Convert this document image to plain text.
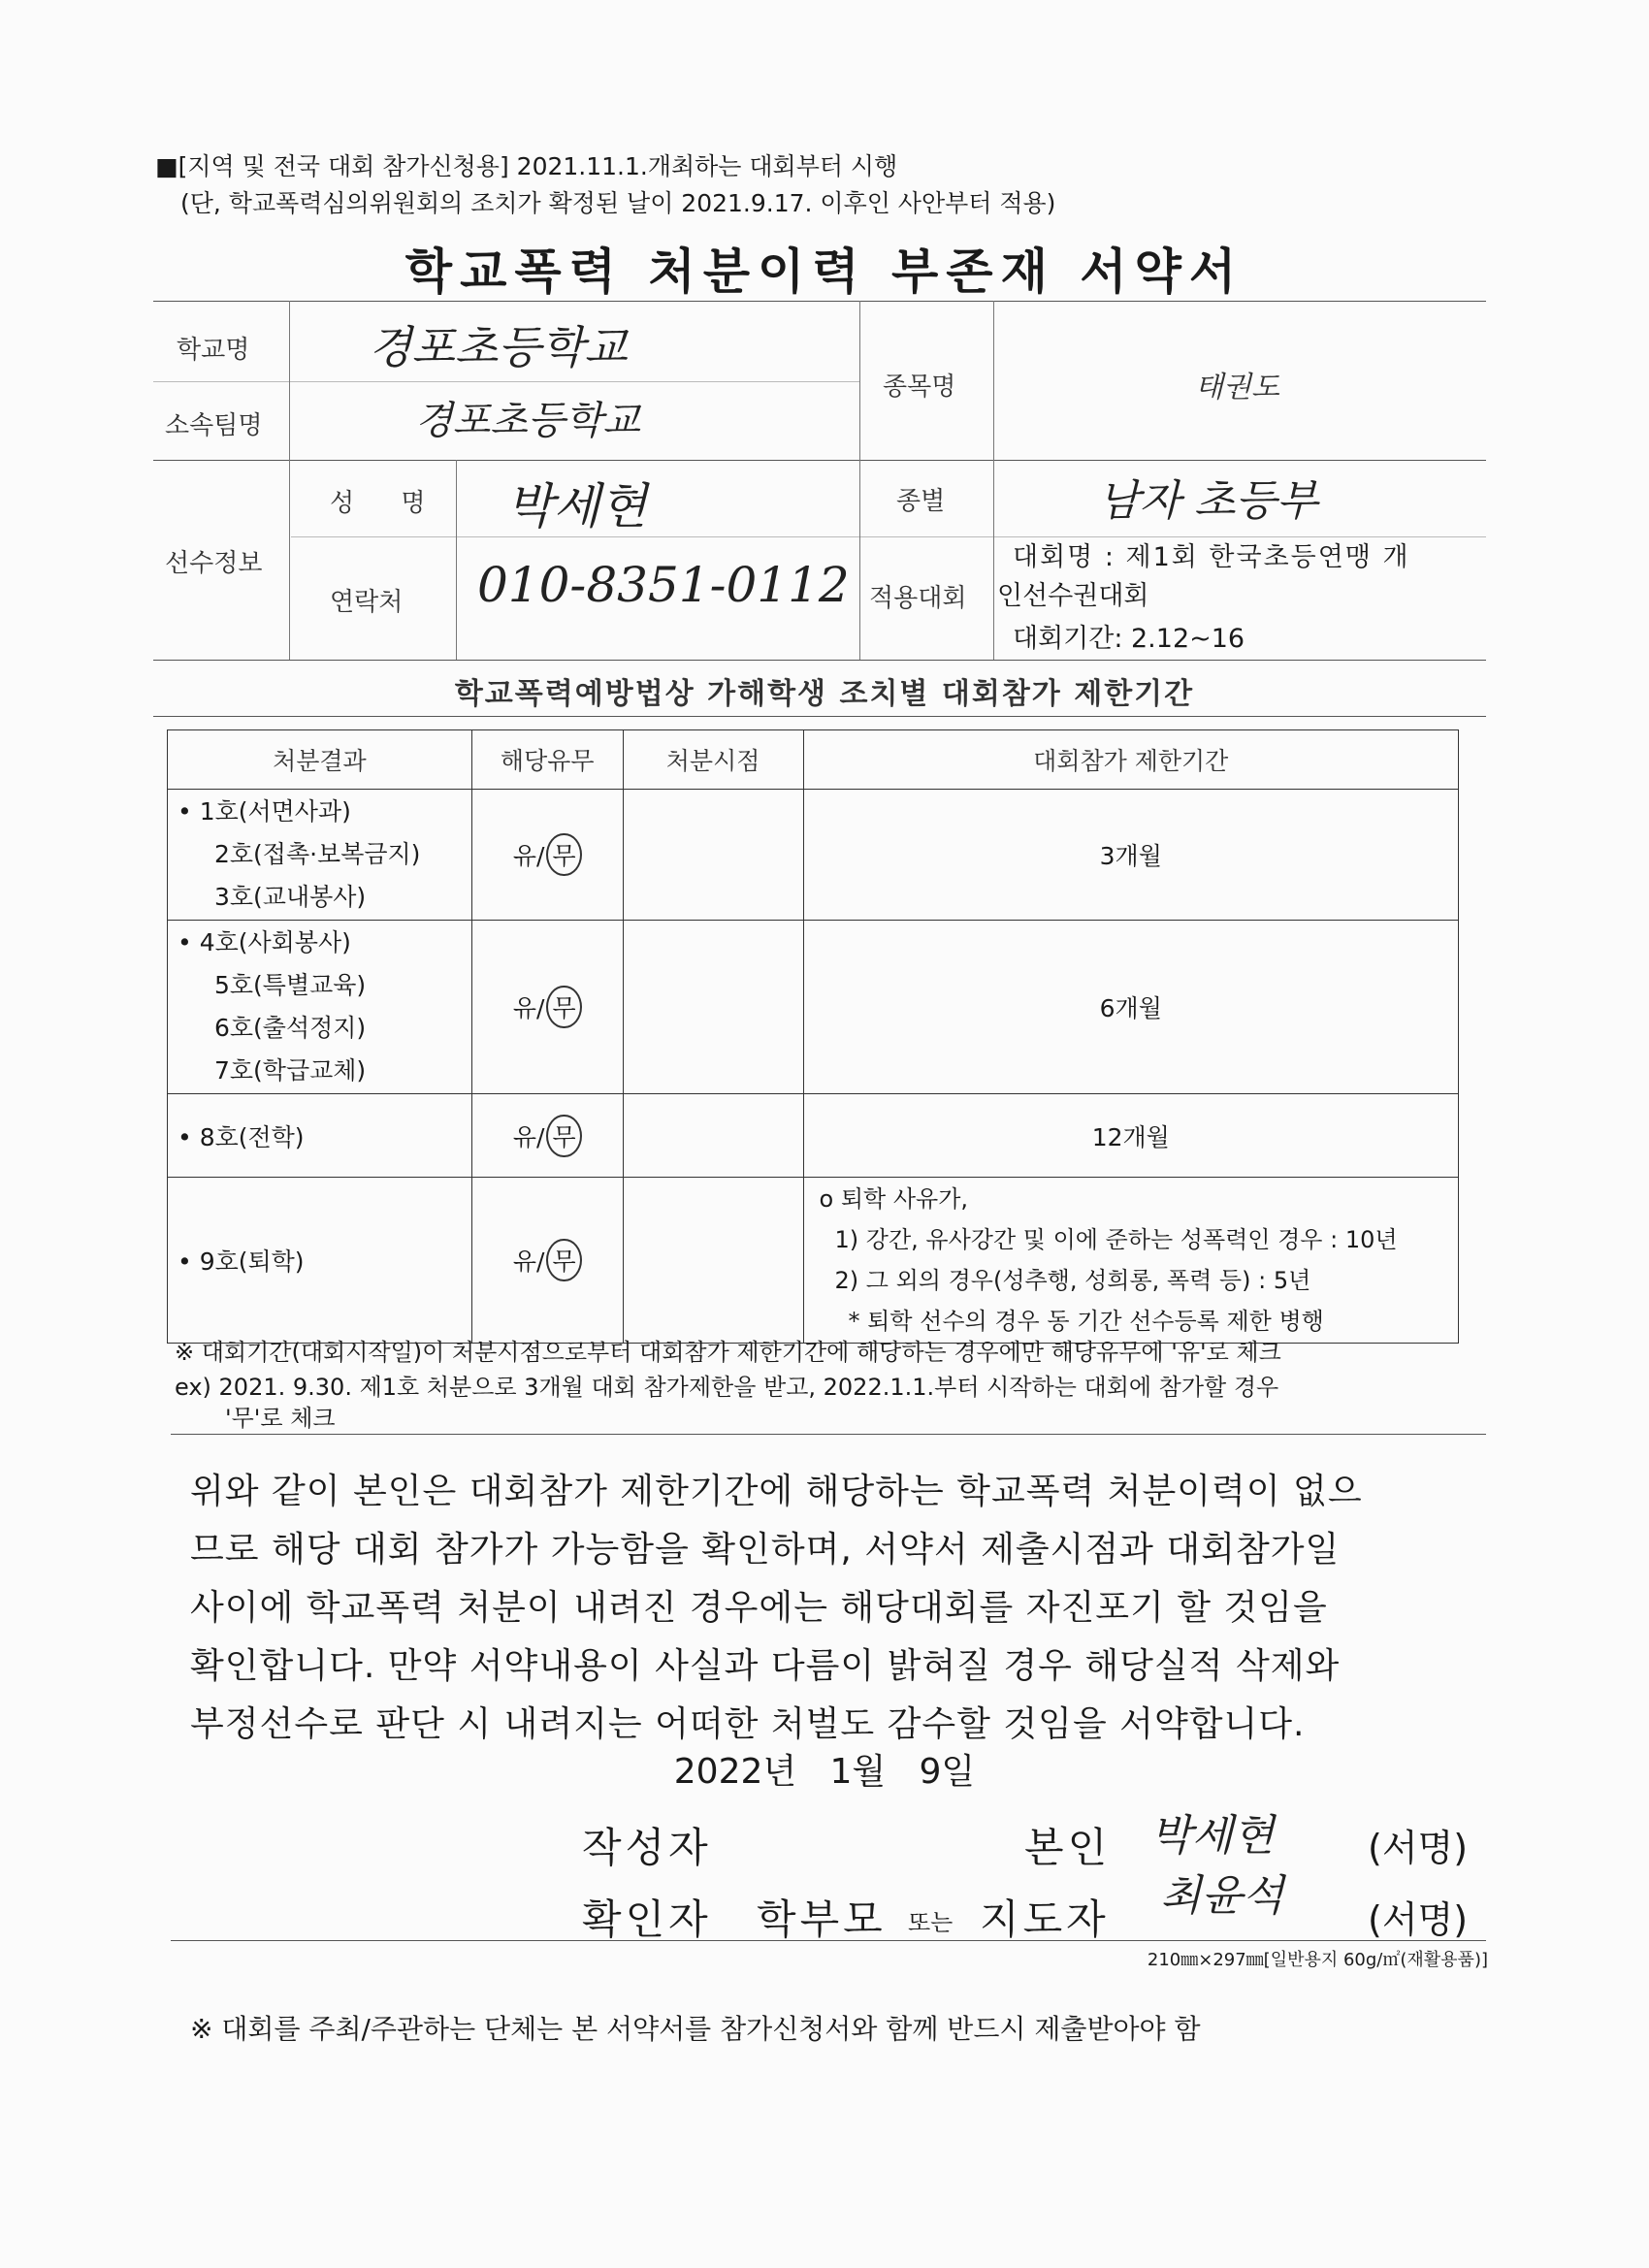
■[지역 및 전국 대회 참가신청용] 2021.11.1.개최하는 대회부터 시행
(단, 학교폭력심의위원회의 조치가 확정된 날이 2021.9.17. 이후인 사안부터 적용)
학교폭력 처분이력 부존재 서약서
학교명	경포초등학교
소속팀명	경포초등학교
종목명	태권도
선수정보
성 명 박세현
연락처 010-8351-0112
종별	남자 초등부
적용대회
대회명 : 제1회 한국초등연맹 개
인선수권대회
대회기간: 2.12~16
학교폭력예방법상 가해학생 조치별 대회참가 제한기간
처분결과	해당유무	처분시점	대회참가 제한기간

• 1호(서면사과)
2호(접촉·보복금지)
3호(교내봉사)	유/ 무		3개월

• 4호(사회봉사)
5호(특별교육)
6호(출석정지)
7호(학급교체)	유/ 무		6개월

• 8호(전학)	유/ 무		12개월

• 9호(퇴학)	유/ 무		o 퇴학 사유가,
1) 강간, 유사강간 및 이에 준하는 성폭력인 경우 : 10년
2) 그 외의 경우(성추행, 성희롱, 폭력 등) : 5년
* 퇴학 선수의 경우 동 기간 선수등록 제한 병행
※ 대회기간(대회시작일)이 처분시점으로부터 대회참가 제한기간에 해당하는 경우에만 해당유무에 '유'로 체크
ex) 2021. 9.30. 제1호 처분으로 3개월 대회 참가제한을 받고, 2022.1.1.부터 시작하는 대회에 참가할 경우
'무'로 체크
위와 같이 본인은 대회참가 제한기간에 해당하는 학교폭력 처분이력이 없으
므로 해당 대회 참가가 가능함을 확인하며, 서약서 제출시점과 대회참가일
사이에 학교폭력 처분이 내려진 경우에는 해당대회를 자진포기 할 것임을
확인합니다. 만약 서약내용이 사실과 다름이 밝혀질 경우 해당실적 삭제와
부정선수로 판단 시 내려지는 어떠한 처벌도 감수할 것임을 서약합니다.
2022년   1월   9일
작성자	본인 박세현	(서명)
확인자 학부모 또는 지도자 최윤석 (서명)
210㎜×297㎜[일반용지 60g/㎡(재활용품)]
※ 대회를 주최/주관하는 단체는 본 서약서를 참가신청서와 함께 반드시 제출받아야 함
